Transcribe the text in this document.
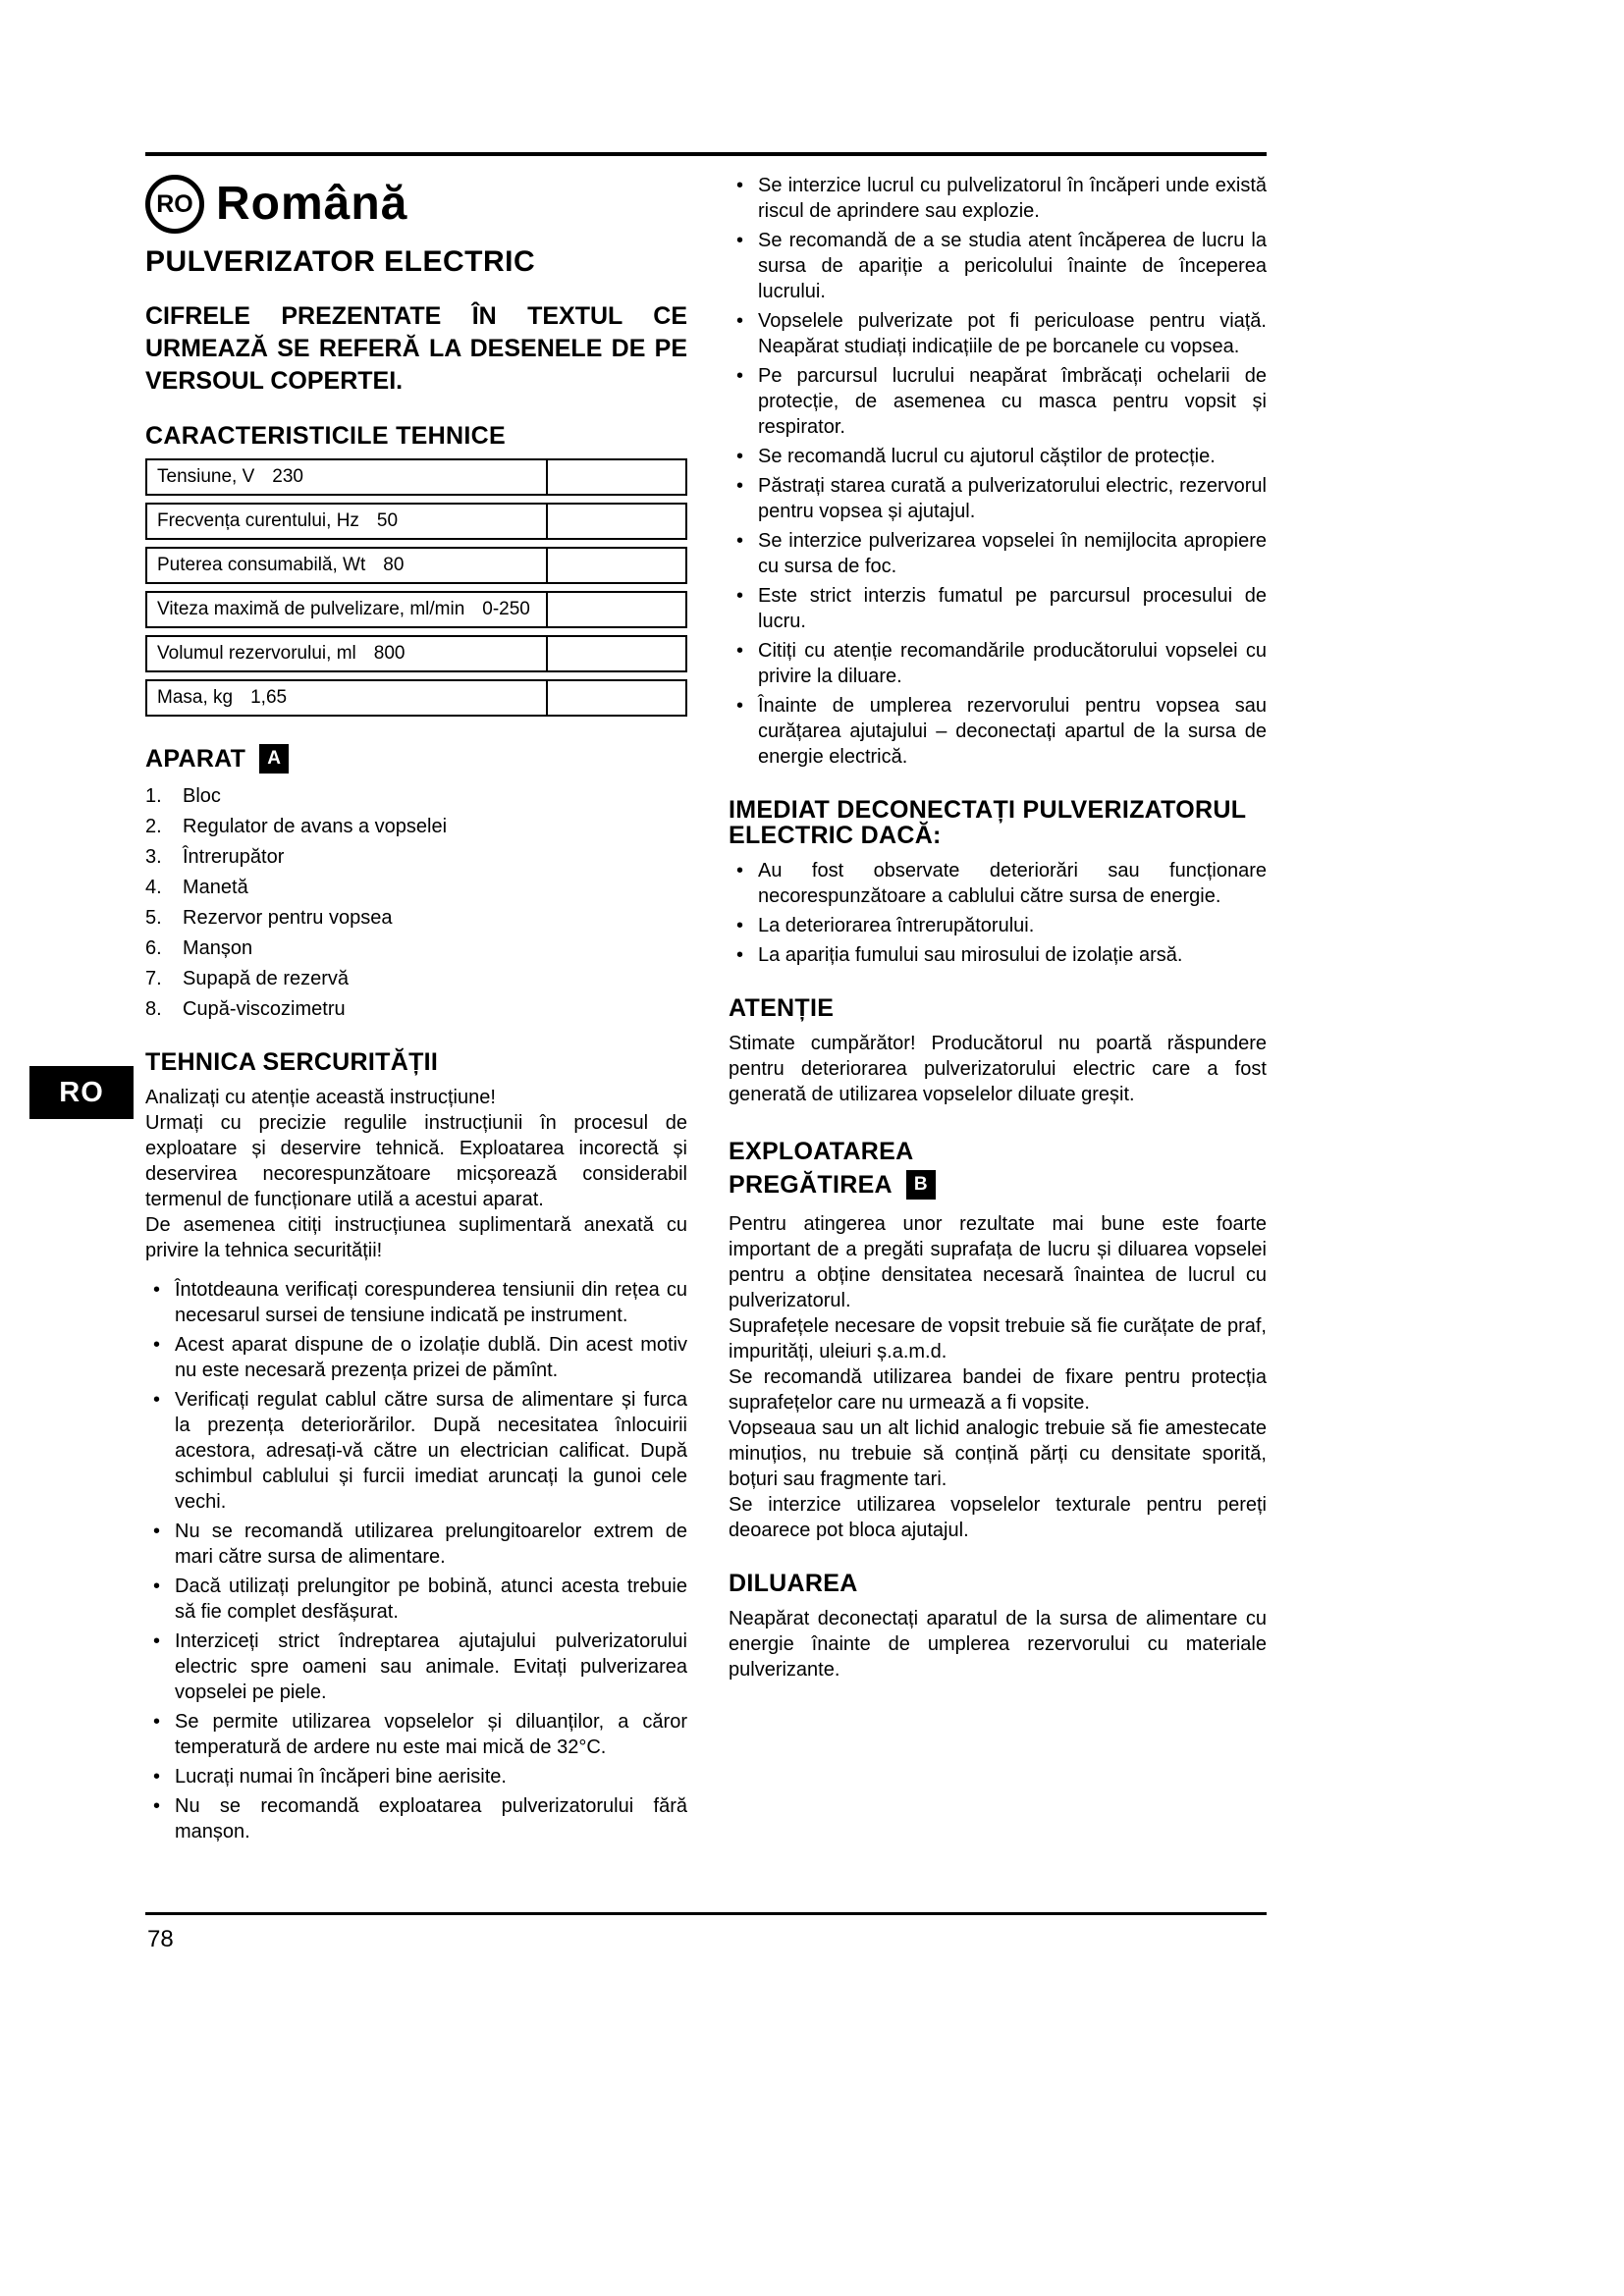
RO Română
PULVERIZATOR ELECTRIC

CIFRELE PREZENTATE ÎN TEXTUL CE URMEAZĂ SE REFERĂ LA DESENELE DE PE VERSOUL COPERTEI.

CARACTERISTICILE TEHNICE
Tensiune, V 230
Frecvența curentului, Hz 50
Puterea consumabilă, Wt 80
Viteza maximă de pulvelizare, ml/min 0-250
Volumul rezervorului, ml 800
Masa, kg 1,65
APARAT	A
1.	Bloc
2.	Regulator de avans a vopselei
3.	Întrerupător
4.	Manetă
5.	Rezervor pentru vopsea
6.	Manșon
7.	Supapă de rezervă
8.	Cupă-viscozimetru
TEHNICA SERCURITĂȚII

Analizați cu atenție această instrucțiune!

Urmați cu precizie regulile instrucțiunii în procesul de exploatare și deservire tehnică. Exploatarea incorectă și deservirea necorespunzătoare micșorează considerabil termenul de funcționare utilă a acestui aparat.

De asemenea citiți instrucțiunea suplimentară anexată cu privire la tehnica securității!

• Întotdeauna verificați corespunderea tensiunii din rețea cu necesarul sursei de tensiune indicată pe instrument.
• Acest aparat dispune de o izolație dublă. Din acest motiv nu este necesară prezența prizei de pămînt.
• Verificați regulat cablul către sursa de alimentare și furca la prezența deteriorărilor. După necesitatea înlocuirii acestora, adresați-vă către un electrician calificat. După schimbul cablului și furcii imediat aruncați la gunoi cele vechi.
• Nu se recomandă utilizarea prelungitoarelor extrem de mari către sursa de alimentare.
• Dacă utilizați prelungitor pe bobină, atunci acesta trebuie să fie complet desfășurat.
• Interziceți strict îndreptarea ajutajului pulverizatorului electric spre oameni sau animale. Evitați pulverizarea vopselei pe piele.
• Se permite utilizarea vopselelor și diluanților, a căror temperatură de ardere nu este mai mică de 32°C.
• Lucrați numai în încăperi bine aerisite.
• Nu se recomandă exploatarea pulverizatorului fără manșon.
• Se interzice lucrul cu pulvelizatorul în încăperi unde există riscul de aprindere sau explozie.
• Se recomandă de a se studia atent încăperea de lucru la sursa de apariție a pericolului înainte de începerea lucrului.
• Vopselele pulverizate pot fi periculoase pentru viață. Neapărat studiați indicațiile de pe borcanele cu vopsea.
• Pe parcursul lucrului neapărat îmbrăcați ochelarii de protecție, de asemenea cu masca pentru vopsit și respirator.
• Se recomandă lucrul cu ajutorul căștilor de protecție.
• Păstrați starea curată a pulverizatorului electric, rezervorul pentru vopsea și ajutajul.
• Se interzice pulverizarea vopselei în nemijlocita apropiere cu sursa de foc.
• Este strict interzis fumatul pe parcursul procesului de lucru.
• Citiți cu atenție recomandările producătorului vopselei cu privire la diluare.
• Înainte de umplerea rezervorului pentru vopsea sau curățarea ajutajului – deconectați apartul de la sursa de energie electrică.
IMEDIAT DECONECTAȚI PULVERIZATORUL ELECTRIC DACĂ:
• Au fost observate deteriorări sau funcționare necorespunzătoare a cablului către sursa de energie.
• La deteriorarea întrerupătorului.
• La apariția fumului sau mirosului de izolație arsă.
ATENȚIE

Stimate cumpărător! Producătorul nu poartă răspundere pentru deteriorarea pulverizatorului electric care a fost generată de utilizarea vopselelor diluate greșit.

EXPLOATAREA
PREGĂTIREA	B

Pentru atingerea unor rezultate mai bune este foarte important de a pregăti suprafața de lucru și diluarea vopselei pentru a obține densitatea necesară înaintea de lucrul cu pulverizatorul.

Suprafețele necesare de vopsit trebuie să fie curățate de praf, impurități, uleiuri ș.a.m.d.

Se recomandă utilizarea bandei de fixare pentru protecția suprafețelor care nu urmează a fi vopsite.

Vopseaua sau un alt lichid analogic trebuie să fie amestecate minuțios, nu trebuie să conțină părți cu densitate sporită, boțuri sau fragmente tari.

Se interzice utilizarea vopselelor texturale pentru pereți deoarece pot bloca ajutajul.

DILUAREA

Neapărat deconectați aparatul de la sursa de alimentare cu energie înainte de umplerea rezervorului cu materiale pulverizante.

RO
78
